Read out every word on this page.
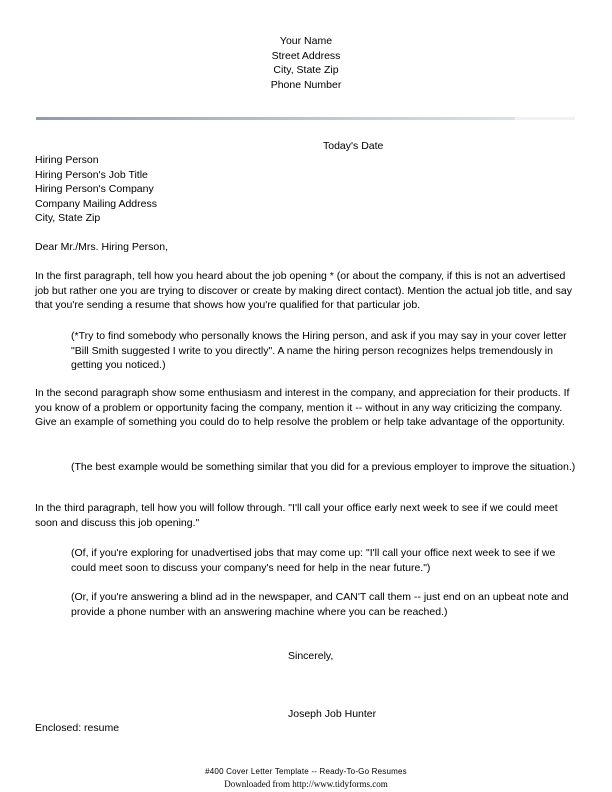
Your Name
Street Address
City, State Zip
Phone Number
Today's Date
Hiring Person
Hiring Person's Job Title
Hiring Person's Company
Company Mailing Address
City, State Zip
Dear Mr./Mrs. Hiring Person,
In the first paragraph, tell how you heard about the job opening * (or about the company, if this is not an advertised job but rather one you are trying to discover or create by making direct contact). Mention the actual job title, and say that you're sending a resume that shows how you're qualified for that particular job.
(*Try to find somebody who personally knows the Hiring person, and ask if you may say in your cover letter "Bill Smith suggested I write to you directly". A name the hiring person recognizes helps tremendously in getting you noticed.)
In the second paragraph show some enthusiasm and interest in the company, and appreciation for their products. If you know of a problem or opportunity facing the company, mention it -- without in any way criticizing the company. Give an example of something you could do to help resolve the problem or help take advantage of the opportunity.
(The best example would be something similar that you did for a previous employer to improve the situation.)
In the third paragraph, tell how you will follow through. "I'll call your office early next week to see if we could meet soon and discuss this job opening."
(Of, if you're exploring for unadvertised jobs that may come up: "I'll call your office next week to see if we could meet soon to discuss your company's need for help in the near future.")
(Or, if you're answering a blind ad in the newspaper, and CAN'T call them -- just end on an upbeat note and provide a phone number with an answering machine where you can be reached.)
Sincerely,
Joseph Job Hunter
Enclosed: resume
#400 Cover Letter Template -- Ready-To-Go Resumes
Downloaded from http://www.tidyforms.com
